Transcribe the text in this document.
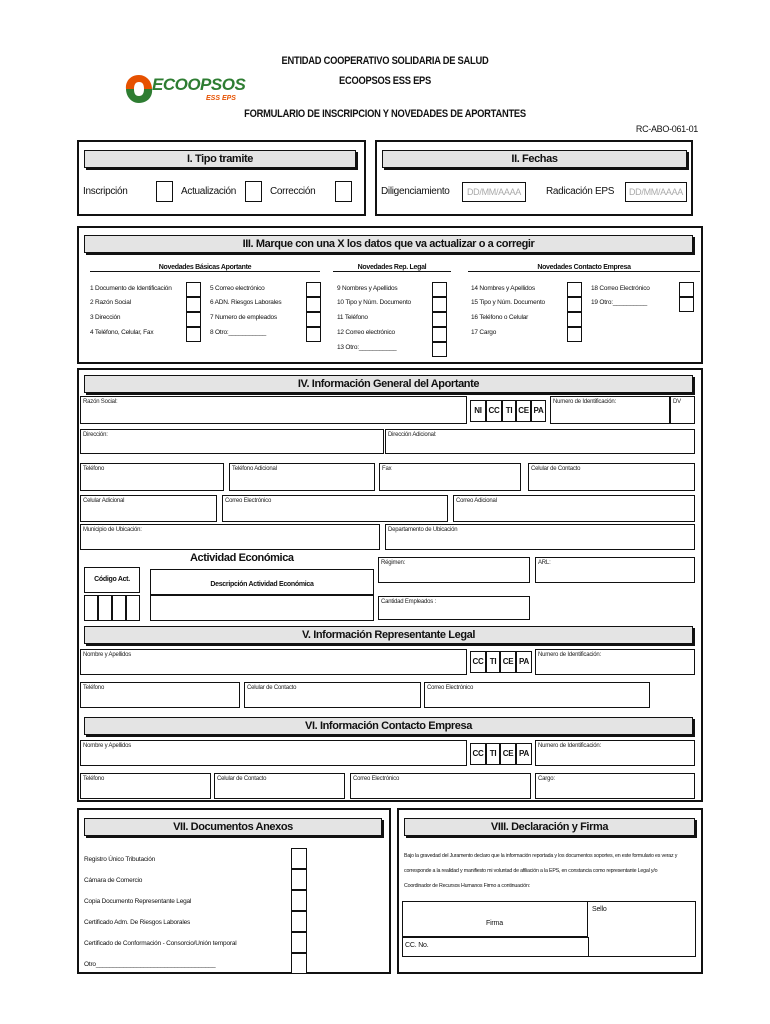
ENTIDAD COOPERATIVO SOLIDARIA DE SALUD
ECOOPSOS ESS EPS
FORMULARIO DE INSCRIPCION Y NOVEDADES DE APORTANTES
RC-ABO-061-01
ECOOPSOS
ESS EPS
I. Tipo tramite
Inscripción	Actualización	Corrección
II. Fechas
Diligenciamiento	DD/MM/AAAA	Radicación EPS	DD/MM/AAAA
III. Marque con una X los datos que va actualizar o a corregir
Novedades Básicas Aportante	Novedades Rep. Legal	Novedades Contacto Empresa
1 Documento de Identificación
2 Razón Social
3 Dirección
4 Teléfono, Celular, Fax
5 Correo electrónico
6 ADN. Riesgos Laborales
7 Numero de empleados
8 Otro:___________
9 Nombres y Apellidos
10 Tipo y Núm. Documento
11 Teléfono
12 Correo electrónico
13 Otro:___________
14 Nombres y Apellidos
15 Tipo y Núm. Documento
16 Teléfono o Celular
17 Cargo
18 Correo Electrónico
19 Otro:__________
IV. Información General del Aportante
Razón Social:
NI CC TI CE PA
Numero de Identificación:	DV
Dirección:	Dirección Adicional:
Teléfono	Teléfono Adicional	Fax	Celular de Contacto
Celular Adicional	Correo Electrónico	Correo Adicional
Municipio de Ubicación:	Departamento de Ubicación
Actividad Económica
Código Act.
Descripción Actividad Económica
Régimen:	ARL:
Cantidad Empleados :
V. Información Representante Legal
Nombre y Apellidos
CC TI CE PA
Numero de Identificación:
Teléfono	Celular de Contacto	Correo Electrónico
VI. Información Contacto Empresa
Nombre y Apellidos
CC TI CE PA
Numero de Identificación:
Teléfono	Celular de Contacto	Correo Electrónico	Cargo:
VII. Documentos Anexos
Registro Único Tributación
Cámara de Comercio
Copia Documento Representante Legal
Certificado Adm. De Riesgos Laborales
Certificado de Conformación - Consorcio/Unión temporal
Otro___________________________________
VIII. Declaración y Firma
Bajo la gravedad del Juramento declaro que la información reportada y los documentos soportes, en este formulario es veraz y
corresponde a la realidad y manifiesto mi voluntad de afiliación a la EPS, en constancia como representante Legal y/o
Coordinador de Recursos Humanos Firmo a continuación:
Firma
Sello
CC. No.
